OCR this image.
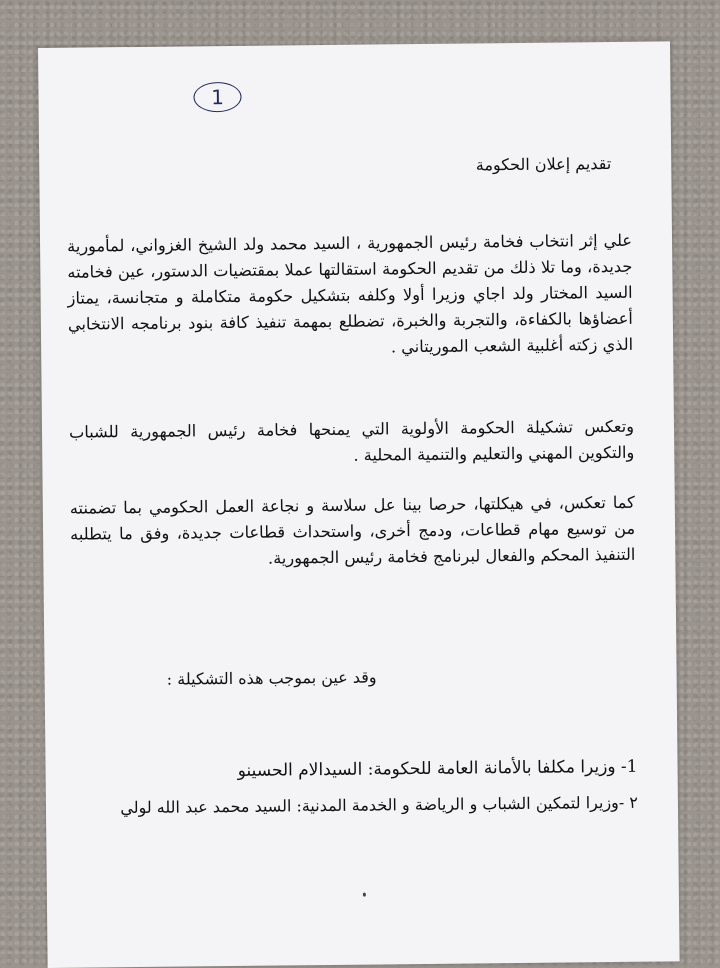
1
تقديم إعلان الحكومة
علي إثر انتخاب فخامة رئيس الجمهورية ، السيد محمد ولد الشيخ الغزواني، لمأمورية جديدة، وما تلا ذلك من تقديم الحكومة استقالتها عملا بمقتضيات الدستور، عين فخامته السيد المختار ولد اجاي وزيرا أولا وكلفه بتشكيل حكومة متكاملة و متجانسة، يمتاز أعضاؤها بالكفاءة، والتجربة والخبرة، تضطلع بمهمة تنفيذ كافة بنود برنامجه الانتخابي الذي زكته أغلبية الشعب الموريتاني .
وتعكس تشكيلة الحكومة الأولوية التي يمنحها فخامة رئيس الجمهورية للشباب والتكوين المهني والتعليم والتنمية المحلية .
كما تعكس، في هيكلتها، حرصا بينا عل سلاسة و نجاعة العمل الحكومي بما تضمنته من توسيع مهام قطاعات، ودمج أخرى، واستحداث قطاعات جديدة، وفق ما يتطلبه التنفيذ المحكم والفعال لبرنامج فخامة رئيس الجمهورية.
وقد عين بموجب هذه التشكيلة :
1- وزيرا مكلفا بالأمانة العامة للحكومة: السيدالام الحسينو
٢ -وزيرا لتمكين الشباب و الرياضة و الخدمة المدنية: السيد محمد عبد الله لولي
